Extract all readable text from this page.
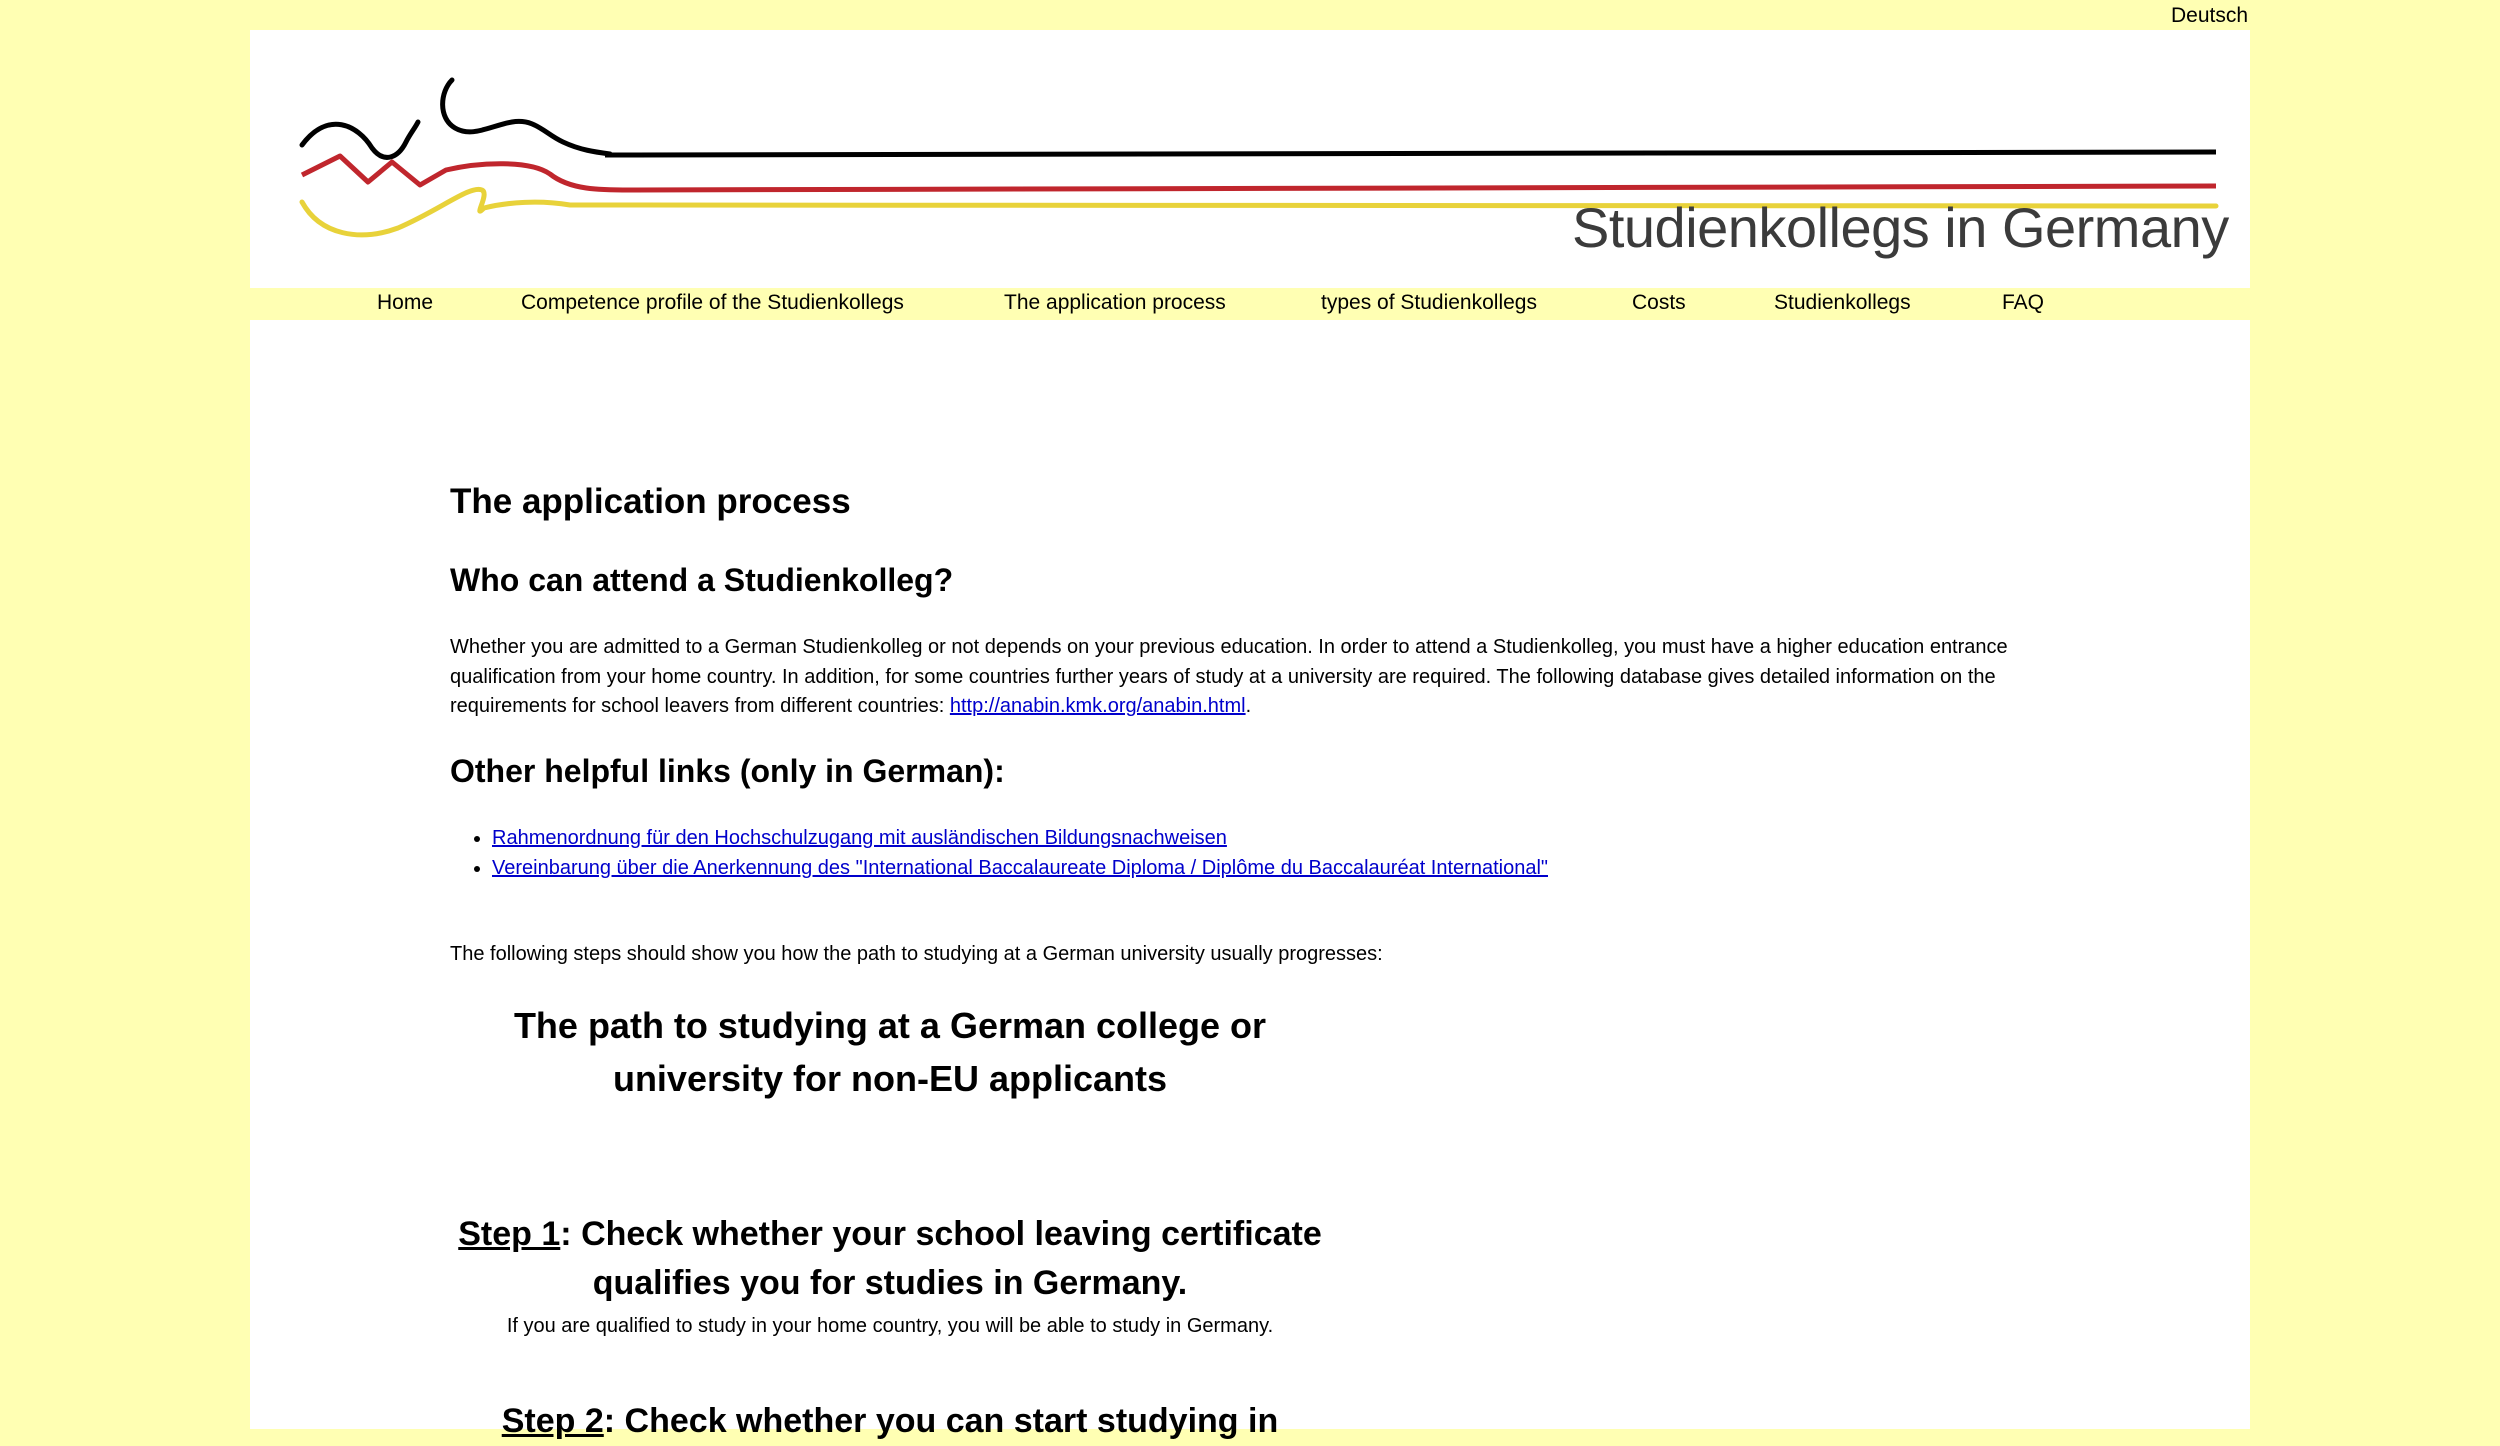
Deutsch
Studienkollegs in Germany
Home	Competence profile of the Studienkollegs	The application process	types of Studienkollegs	Costs	Studienkollegs	FAQ
The application process
Who can attend a Studienkolleg?
Whether you are admitted to a German Studienkolleg or not depends on your previous education. In order to attend a Studienkolleg, you must have a higher education entrance qualification from your home country. In addition, for some countries further years of study at a university are required. The following database gives detailed information on the requirements for school leavers from different countries: http://anabin.kmk.org/anabin.html.
Other helpful links (only in German):
• Rahmenordnung für den Hochschulzugang mit ausländischen Bildungsnachweisen
• Vereinbarung über die Anerkennung des "International Baccalaureate Diploma / Diplôme du Baccalauréat International"
The following steps should show you how the path to studying at a German university usually progresses:
The path to studying at a German college or university for non-EU applicants
Step 1: Check whether your school leaving certificate qualifies you for studies in Germany.
If you are qualified to study in your home country, you will be able to study in Germany.
Step 2: Check whether you can start studying in
